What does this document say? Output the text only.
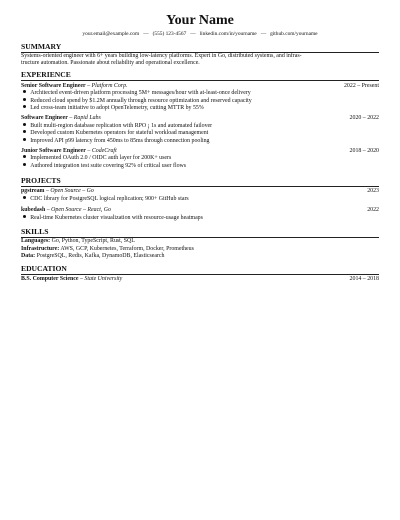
Your Name
your.email@example.com — (555) 123-4567 — linkedin.com/in/yourname — github.com/yourname
SUMMARY
Systems-oriented engineer with 6+ years building low-latency platforms. Expert in Go, distributed systems, and infras-
tructure automation. Passionate about reliability and operational excellence.
EXPERIENCE
Senior Software Engineer – Platform Corp.	2022 – Present
Architected event-driven platform processing 5M+ messages/hour with at-least-once delivery
Reduced cloud spend by $1.2M annually through resource optimization and reserved capacity
Led cross-team initiative to adopt OpenTelemetry, cutting MTTR by 55%
Software Engineer – Rapid Labs	2020 – 2022
Built multi-region database replication with RPO ¡ 1s and automated failover
Developed custom Kubernetes operators for stateful workload management
Improved API p99 latency from 450ms to 85ms through connection pooling
Junior Software Engineer – CodeCraft	2018 – 2020
Implemented OAuth 2.0 / OIDC auth layer for 200K+ users
Authored integration test suite covering 92% of critical user flows
PROJECTS
pgstream – Open Source – Go	2023
CDC library for PostgreSQL logical replication; 900+ GitHub stars
kubedash – Open Source – React, Go	2022
Real-time Kubernetes cluster visualization with resource-usage heatmaps
SKILLS
Languages: Go, Python, TypeScript, Rust, SQL
Infrastructure: AWS, GCP, Kubernetes, Terraform, Docker, Prometheus
Data: PostgreSQL, Redis, Kafka, DynamoDB, Elasticsearch
EDUCATION
B.S. Computer Science – State University	2014 – 2018
